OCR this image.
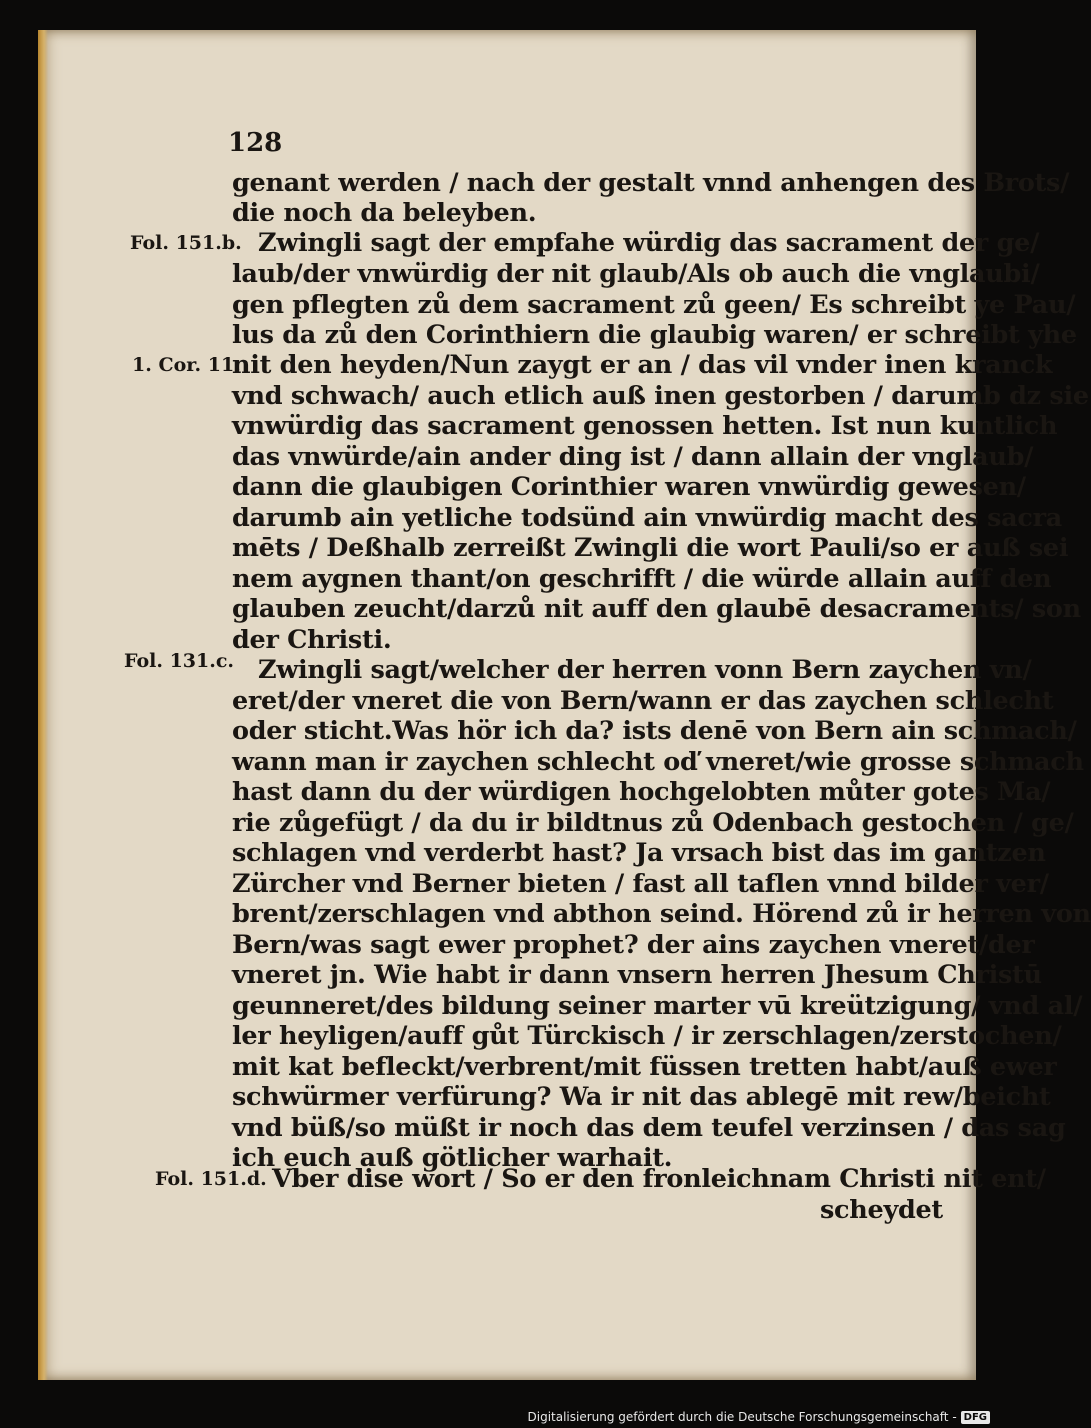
128
Fol. 151.b.
1. Cor. 11.
Fol. 131.c.
Fol. 151.d.
genant werden / nach der gestalt vnnd anhengen des Brots/
die noch da beleyben.
Zwingli sagt der empfahe würdig das sacrament der ge/
laub/der vnwürdig der nit glaub/Als ob auch die vnglaubi/
gen pflegten zů dem sacrament zů geen/ Es schreibt ye Pau/
lus da zů den Corinthiern die glaubig waren/ er schreibt yhe
nit den heyden/Nun zaygt er an / das vil vnder inen kranck
vnd schwach/ auch etlich auß inen gestorben / darumb dz sie
vnwürdig das sacrament genossen hetten. Ist nun kuntlich
das vnwürde/ain ander ding ist / dann allain der vnglaub/
dann die glaubigen Corinthier waren vnwürdig gewesen/
darumb ain yetliche todsünd ain vnwürdig macht des sacra
mēts / Deßhalb zerreißt Zwingli die wort Pauli/so er auß sei
nem aygnen thant/on geschrifft / die würde allain auff den
glauben zeucht/darzů nit auff den glaubē desacraments/ son
der Christi.
Zwingli sagt/welcher der herren vonn Bern zaychen vn/
eret/der vneret die von Bern/wann er das zaychen schlecht
oder sticht.Was hör ich da? ists denē von Bern ain schmach/
wann man ir zaychen schlecht oď vneret/wie grosse schmach
hast dann du der würdigen hochgelobten můter gotes Ma/
rie zůgefügt / da du ir bildtnus zů Odenbach gestochen / ge/
schlagen vnd verderbt hast? Ja vrsach bist das im gantzen
Zürcher vnd Berner bieten / fast all taflen vnnd bilder ver/
brent/zerschlagen vnd abthon seind. Hörend zů ir herren von
Bern/was sagt ewer prophet? der ains zaychen vneret/der
vneret jn. Wie habt ir dann vnsern herren Jhesum Christū
geunneret/des bildung seiner marter vū kreützigung/ vnd al/
ler heyligen/auff gůt Türckisch / ir zerschlagen/zerstochen/
mit kat befleckt/verbrent/mit füssen tretten habt/auß ewer
schwürmer verfürung? Wa ir nit das ablegē mit rew/beicht
vnd büß/so müßt ir noch das dem teufel verzinsen / das sag
ich euch auß götlicher warhait.
Vber dise wort / So er den fronleichnam Christi nit ent/
scheydet
Digitalisierung gefördert durch die Deutsche Forschungsgemeinschaft - DFG
